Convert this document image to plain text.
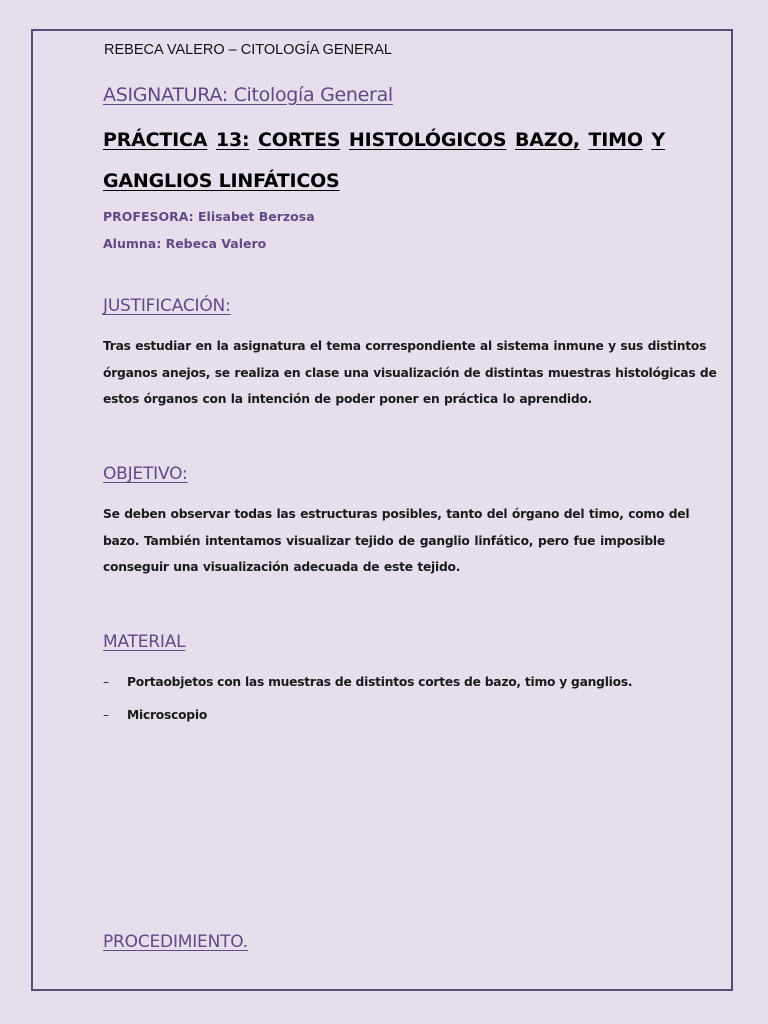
REBECA VALERO – CITOLOGÍA GENERAL
ASIGNATURA: Citología General
PRÁCTICA 13: CORTES HISTOLÓGICOS BAZO, TIMO Y
GANGLIOS LINFÁTICOS
PROFESORA: Elisabet Berzosa
Alumna: Rebeca Valero
JUSTIFICACIÓN:
Tras estudiar en la asignatura el tema correspondiente al sistema inmune y sus distintos
órganos anejos, se realiza en clase una visualización de distintas muestras histológicas de
estos órganos con la intención de poder poner en práctica lo aprendido.
OBJETIVO:
Se deben observar todas las estructuras posibles, tanto del órgano del timo, como del
bazo. También intentamos visualizar tejido de ganglio linfático, pero fue imposible
conseguir una visualización adecuada de este tejido.
MATERIAL
– Portaobjetos con las muestras de distintos cortes de bazo, timo y ganglios.
– Microscopio
PROCEDIMIENTO.
